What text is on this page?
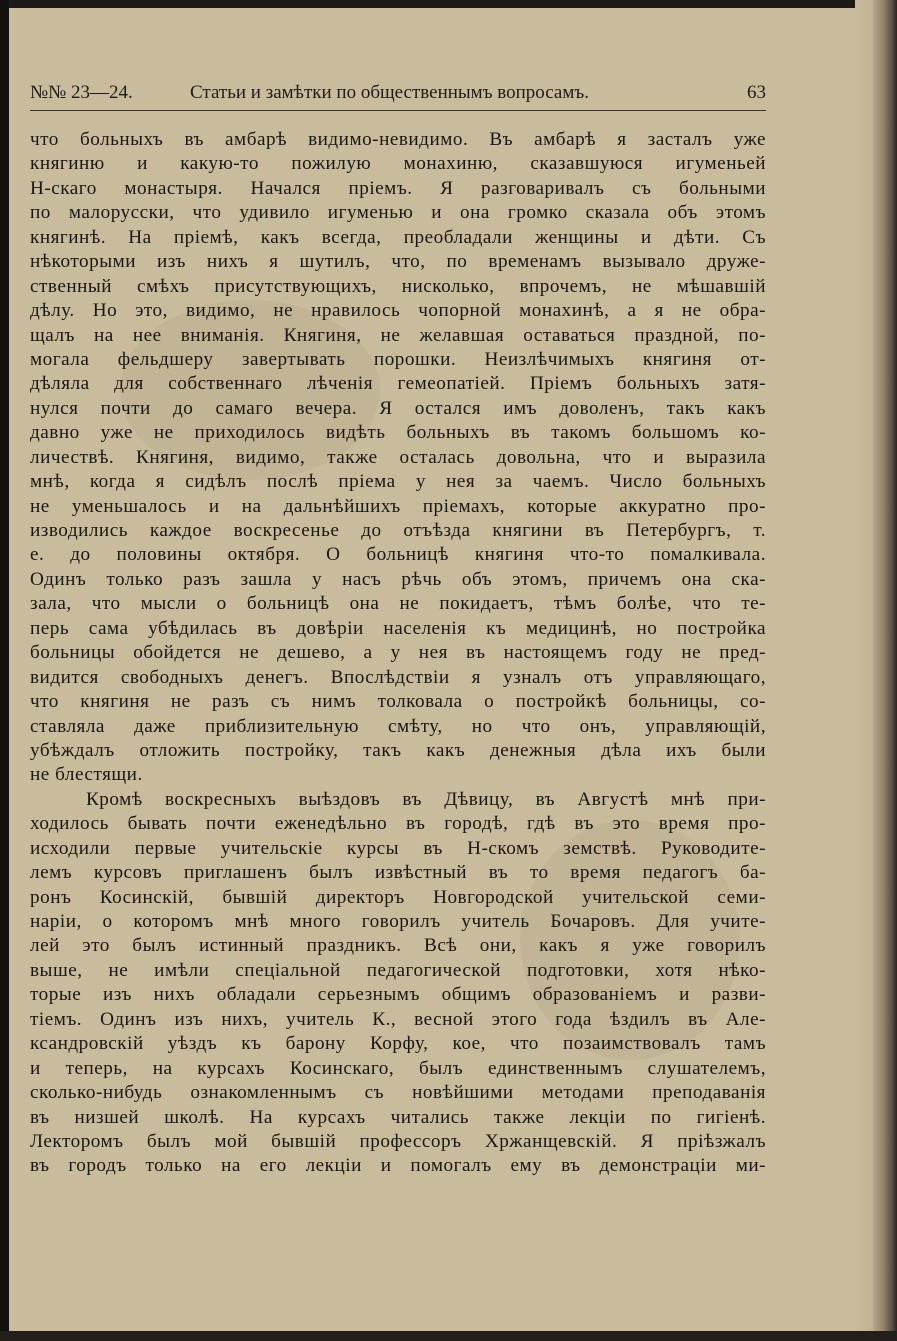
№№ 23—24.	Статьи и замѣтки по общественнымъ вопросамъ.	63
что больныхъ въ амбарѣ видимо-невидимо. Въ амбарѣ я засталъ уже
княгиню и какую-то пожилую монахиню, сказавшуюся игуменьей
Н-скаго монастыря. Начался пріемъ. Я разговаривалъ съ больными
по малорусски, что удивило игуменью и она громко сказала объ этомъ
княгинѣ. На пріемѣ, какъ всегда, преобладали женщины и дѣти. Съ
нѣкоторыми изъ нихъ я шутилъ, что, по временамъ вызывало друже-
ственный смѣхъ присутствующихъ, нисколько, впрочемъ, не мѣшавшій
дѣлу. Но это, видимо, не нравилось чопорной монахинѣ, а я не обра-
щалъ на нее вниманія. Княгиня, не желавшая оставаться праздной, по-
могала фельдшеру завертывать порошки. Неизлѣчимыхъ княгиня от-
дѣляла для собственнаго лѣченія гемеопатіей. Пріемъ больныхъ затя-
нулся почти до самаго вечера. Я остался имъ доволенъ, такъ какъ
давно уже не приходилось видѣть больныхъ въ такомъ большомъ ко-
личествѣ. Княгиня, видимо, также осталась довольна, что и выразила
мнѣ, когда я сидѣлъ послѣ пріема у нея за чаемъ. Число больныхъ
не уменьшалось и на дальнѣйшихъ пріемахъ, которые аккуратно про-
изводились каждое воскресенье до отъѣзда княгини въ Петербургъ, т.
е. до половины октября. О больницѣ княгиня что-то помалкивала.
Одинъ только разъ зашла у насъ рѣчь объ этомъ, причемъ она ска-
зала, что мысли о больницѣ она не покидаетъ, тѣмъ болѣе, что те-
перь сама убѣдилась въ довѣріи населенія къ медицинѣ, но постройка
больницы обойдется не дешево, а у нея въ настоящемъ году не пред-
видится свободныхъ денегъ. Впослѣдствіи я узналъ отъ управляющаго,
что княгиня не разъ съ нимъ толковала о постройкѣ больницы, со-
ставляла даже приблизительную смѣту, но что онъ, управляющій,
убѣждалъ отложить постройку, такъ какъ денежныя дѣла ихъ были
не блестящи.
Кромѣ воскресныхъ выѣздовъ въ Дѣвицу, въ Августѣ мнѣ при-
ходилось бывать почти еженедѣльно въ городѣ, гдѣ въ это время про-
исходили первые учительскіе курсы въ Н-скомъ земствѣ. Руководите-
лемъ курсовъ приглашенъ былъ извѣстный въ то время педагогъ ба-
ронъ Косинскій, бывшій директоръ Новгородской учительской семи-
наріи, о которомъ мнѣ много говорилъ учитель Бочаровъ. Для учите-
лей это былъ истинный праздникъ. Всѣ они, какъ я уже говорилъ
выше, не имѣли спеціальной педагогической подготовки, хотя нѣко-
торые изъ нихъ обладали серьезнымъ общимъ образованіемъ и разви-
тіемъ. Одинъ изъ нихъ, учитель К., весной этого года ѣздилъ въ Але-
ксандровскій уѣздъ къ барону Корфу, кое, что позаимствовалъ тамъ
и теперь, на курсахъ Косинскаго, былъ единственнымъ слушателемъ,
сколько-нибудь ознакомленнымъ съ новѣйшими методами преподаванія
въ низшей школѣ. На курсахъ читались также лекціи по гигіенѣ.
Лекторомъ былъ мой бывшій профессоръ Хржанщевскій. Я пріѣзжалъ
въ городъ только на его лекціи и помогалъ ему въ демонстраціи ми-
